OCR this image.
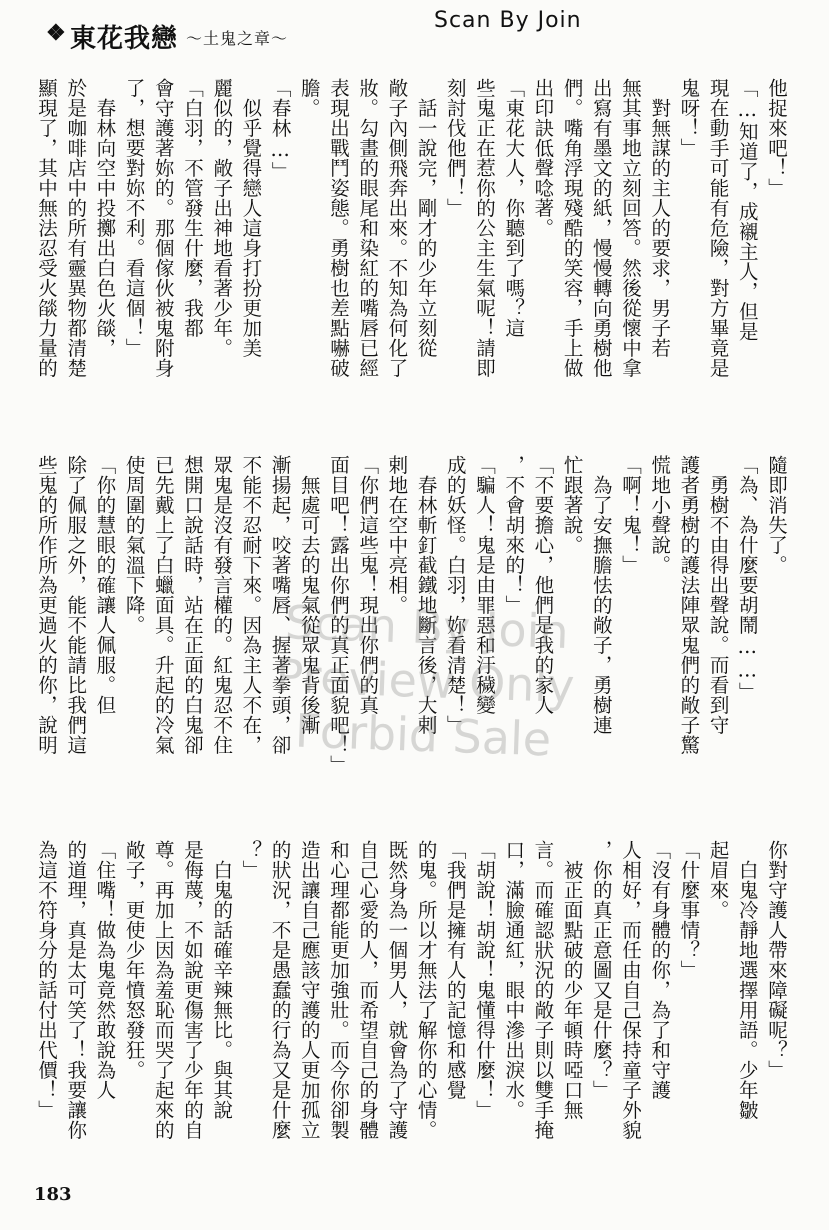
❖ 東花我戀 ～土鬼之章～
Scan By Join
他捉來吧！」
「…知道了，成襯主人，但是
現在動手可能有危險，對方畢竟是
鬼呀！」
　對無謀的主人的要求，男子若
無其事地立刻回答。然後從懷中拿
出寫有墨文的紙，慢慢轉向勇樹他
們。嘴角浮現殘酷的笑容，手上做
出印訣低聲唸著。
「東花大人，你聽到了嗎？這
些鬼正在惹你的公主生氣呢！請即
刻討伐他們！」
　話一說完，剛才的少年立刻從
敞子內側飛奔出來。不知為何化了
妝。勾畫的眼尾和染紅的嘴唇已經
表現出戰鬥姿態。勇樹也差點嚇破
膽。
「春林…」
　似乎覺得戀人這身打扮更加美
麗似的，敞子出神地看著少年。
「白羽，不管發生什麼，我都
會守護著妳的。那個傢伙被鬼附身
了，想要對妳不利。看這個！」
　春林向空中投擲出白色火燄，
於是咖啡店中的所有靈異物都清楚
顯現了，其中無法忍受火燄力量的
隨即消失了。
「為、為什麼要胡鬧……」
　勇樹不由得出聲說。而看到守
護者勇樹的護法陣眾鬼們的敞子驚
慌地小聲說。
「啊！鬼！」
　為了安撫膽怯的敞子，勇樹連
忙跟著說。
「不要擔心，他們是我的家人
，不會胡來的！」
「騙人！鬼是由罪惡和汙穢變
成的妖怪。白羽，妳看清楚！」
　春林斬釘截鐵地斷言後，大剌
剌地在空中亮相。
「你們這些鬼！現出你們的真
面目吧！露出你們的真正面貌吧！」
　無處可去的鬼氣從眾鬼背後漸
漸揚起，咬著嘴唇、握著拳頭，卻
不能不忍耐下來。因為主人不在，
眾鬼是沒有發言權的。紅鬼忍不住
想開口說話時，站在正面的白鬼卻
已先戴上了白蠟面具。升起的冷氣
使周圍的氣溫下降。
「你的慧眼的確讓人佩服。但
除了佩服之外，能不能請比我們這
些鬼的所作所為更過火的你，說明
你對守護人帶來障礙呢？」
　白鬼冷靜地選擇用語。少年皺
起眉來。
「什麼事情？」
「沒有身體的你，為了和守護
人相好，而任由自己保持童子外貌
，你的真正意圖又是什麼？」
　被正面點破的少年頓時啞口無
言。而確認狀況的敞子則以雙手掩
口，滿臉通紅，眼中滲出淚水。
「胡說！胡說！鬼懂得什麼！」
「我們是擁有人的記憶和感覺
的鬼。所以才無法了解你的心情。
既然身為一個男人，就會為了守護
自己心愛的人，而希望自己的身體
和心理都能更加強壯。而今你卻製
造出讓自己應該守護的人更加孤立
的狀況，不是愚蠢的行為又是什麼
？」
　白鬼的話確辛辣無比。與其說
是侮蔑，不如說更傷害了少年的自
尊。再加上因為羞恥而哭了起來的
敞子，更使少年憤怒發狂。
「住嘴！做為鬼竟然敢說為人
的道理，真是太可笑了！我要讓你
為這不符身分的話付出代價！」
Scan By Join
Preview Only
Forbid Sale
183
